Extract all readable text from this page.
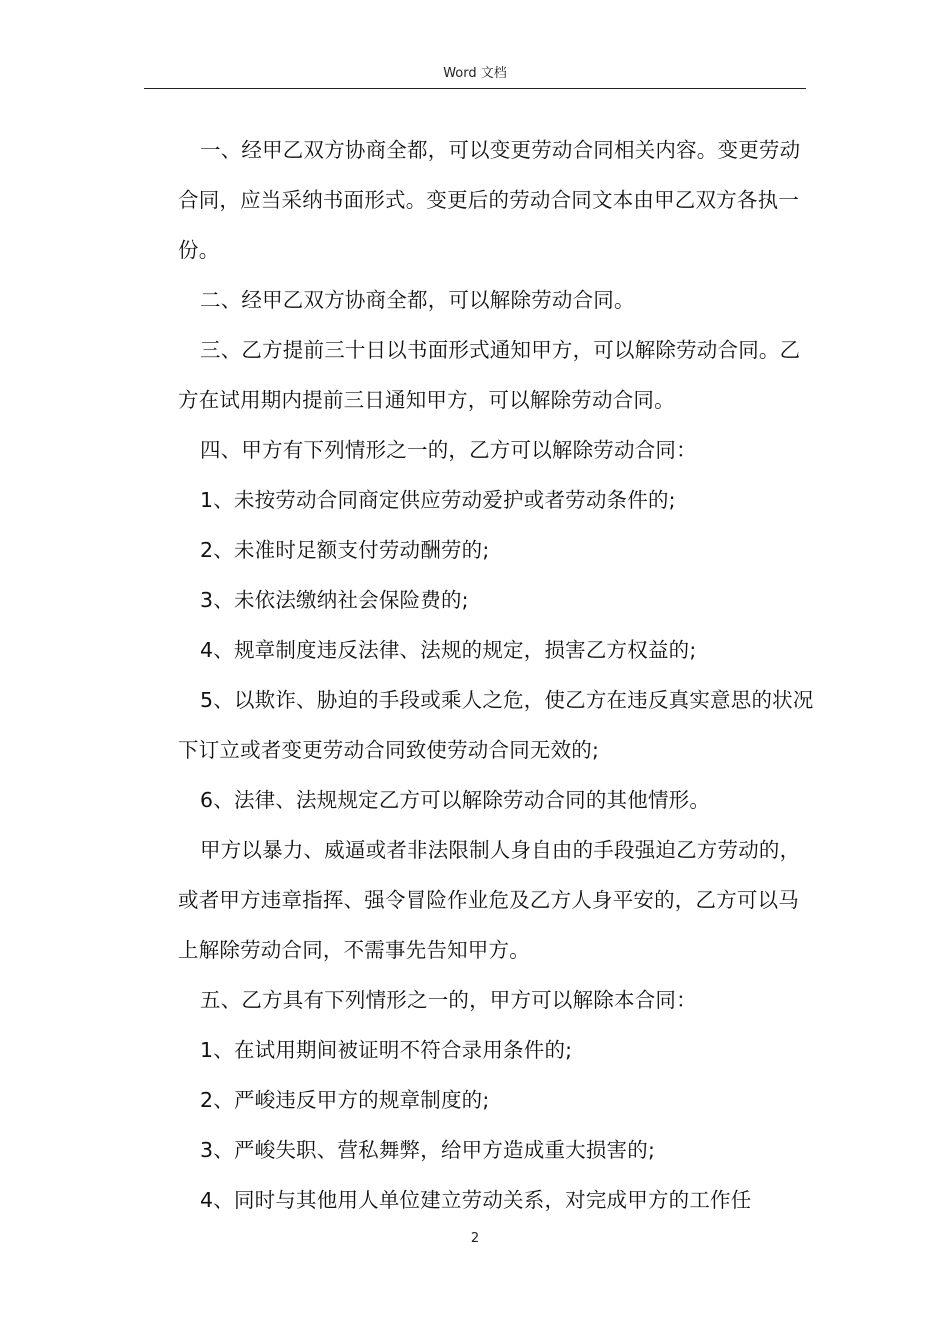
Word 文档

一、经甲乙双方协商全都，可以变更劳动合同相关内容。变更劳动合同，应当采纳书面形式。变更后的劳动合同文本由甲乙双方各执一份。

二、经甲乙双方协商全都，可以解除劳动合同。

三、乙方提前三十日以书面形式通知甲方，可以解除劳动合同。乙方在试用期内提前三日通知甲方，可以解除劳动合同。

四、甲方有下列情形之一的，乙方可以解除劳动合同：

1、未按劳动合同商定供应劳动爱护或者劳动条件的;

2、未准时足额支付劳动酬劳的;

3、未依法缴纳社会保险费的;

4、规章制度违反法律、法规的规定，损害乙方权益的;

5、以欺诈、胁迫的手段或乘人之危，使乙方在违反真实意思的状况下订立或者变更劳动合同致使劳动合同无效的;

6、法律、法规规定乙方可以解除劳动合同的其他情形。

甲方以暴力、威逼或者非法限制人身自由的手段强迫乙方劳动的，或者甲方违章指挥、强令冒险作业危及乙方人身平安的，乙方可以马上解除劳动合同，不需事先告知甲方。

五、乙方具有下列情形之一的，甲方可以解除本合同：

1、在试用期间被证明不符合录用条件的;

2、严峻违反甲方的规章制度的;

3、严峻失职、营私舞弊，给甲方造成重大损害的;

4、同时与其他用人单位建立劳动关系，对完成甲方的工作任

2
